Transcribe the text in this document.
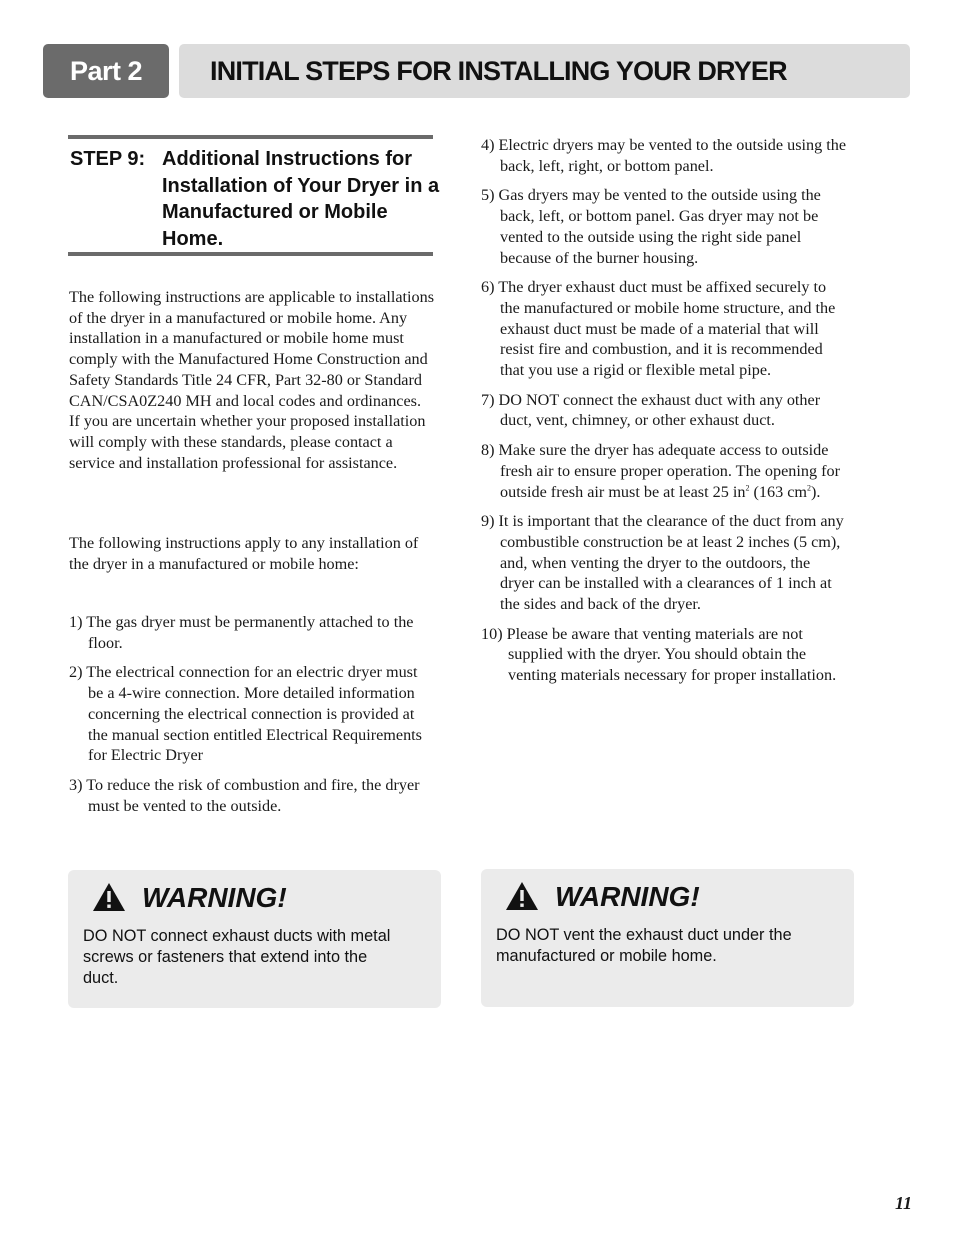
Part 2	INITIAL STEPS FOR INSTALLING YOUR DRYER
STEP 9: Additional Instructions for Installation of Your Dryer in a Manufactured or Mobile Home.
The following instructions are applicable to installations of the dryer in a manufactured or mobile home. Any installation in a manufactured or mobile home must comply with the Manufactured Home Construction and Safety Standards Title 24 CFR, Part 32-80 or Standard CAN/CSA0Z240 MH and local codes and ordinances. If you are uncertain whether your proposed installation will comply with these standards, please contact a service and installation professional for assistance.
The following instructions apply to any installation of the dryer in a manufactured or mobile home:
1) The gas dryer must be permanently attached to the floor.
2) The electrical connection for an electric dryer must be a 4-wire connection. More detailed information concerning the electrical connection is provided at the manual section entitled Electrical Requirements for Electric Dryer
3) To reduce the risk of combustion and fire, the dryer must be vented to the outside.
4) Electric dryers may be vented to the outside using the back, left, right, or bottom panel.
5) Gas dryers may be vented to the outside using the back, left, or bottom panel. Gas dryer may not be vented to the outside using the right side panel because of the burner housing.
6) The dryer exhaust duct must be affixed securely to the manufactured or mobile home structure, and the exhaust duct must be made of a material that will resist fire and combustion, and it is recommended that you use a rigid or flexible metal pipe.
7) DO NOT connect the exhaust duct with any other duct, vent, chimney, or other exhaust duct.
8) Make sure the dryer has adequate access to outside fresh air to ensure proper operation. The opening for outside fresh air must be at least 25 $in^2$ (163 $cm^2$).
9) It is important that the clearance of the duct from any combustible construction be at least 2 inches (5 cm), and, when venting the dryer to the outdoors, the dryer can be installed with a clearances of 1 inch at the sides and back of the dryer.
10) Please be aware that venting materials are not supplied with the dryer. You should obtain the venting materials necessary for proper installation.
WARNING!
DO NOT connect exhaust ducts with metal screws or fasteners that extend into the duct.
WARNING!
DO NOT vent the exhaust duct under the manufactured or mobile home.
11
